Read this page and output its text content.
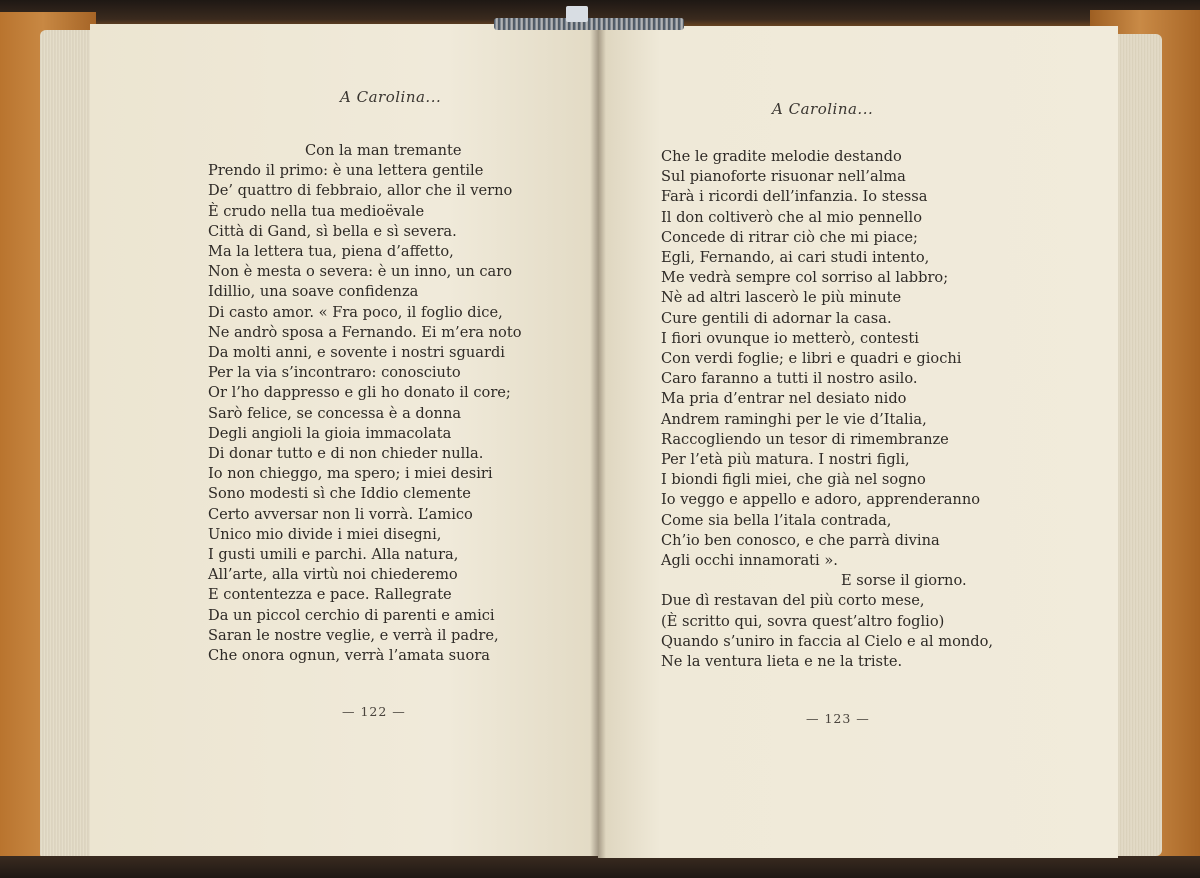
A Carolina...
Con la man tremante
Prendo il primo: è una lettera gentile
De’ quattro di febbraio, allor che il verno
È crudo nella tua medioëvale
Città di Gand, sì bella e sì severa.
Ma la lettera tua, piena d’affetto,
Non è mesta o severa: è un inno, un caro
Idillio, una soave confidenza
Di casto amor. « Fra poco, il foglio dice,
Ne andrò sposa a Fernando. Ei m’era noto
Da molti anni, e sovente i nostri sguardi
Per la via s’incontraro: conosciuto
Or l’ho dappresso e gli ho donato il core;
Sarò felice, se concessa è a donna
Degli angioli la gioia immacolata
Di donar tutto e di non chieder nulla.
Io non chieggo, ma spero; i miei desiri
Sono modesti sì che Iddio clemente
Certo avversar non li vorrà. L’amico
Unico mio divide i miei disegni,
I gusti umili e parchi. Alla natura,
All’arte, alla virtù noi chiederemo
E contentezza e pace. Rallegrate
Da un piccol cerchio di parenti e amici
Saran le nostre veglie, e verrà il padre,
Che onora ognun, verrà l’amata suora
— 122 —
A Carolina...
Che le gradite melodie destando
Sul pianoforte risuonar nell’alma
Farà i ricordi dell’infanzia. Io stessa
Il don coltiverò che al mio pennello
Concede di ritrar ciò che mi piace;
Egli, Fernando, ai cari studi intento,
Me vedrà sempre col sorriso al labbro;
Nè ad altri lascerò le più minute
Cure gentili di adornar la casa.
I fiori ovunque io metterò, contesti
Con verdi foglie; e libri e quadri e giochi
Caro faranno a tutti il nostro asilo.
Ma pria d’entrar nel desiato nido
Andrem raminghi per le vie d’Italia,
Raccogliendo un tesor di rimembranze
Per l’età più matura. I nostri figli,
I biondi figli miei, che già nel sogno
Io veggo e appello e adoro, apprenderanno
Come sia bella l’itala contrada,
Ch’io ben conosco, e che parrà divina
Agli occhi innamorati ».
E sorse il giorno.
Due dì restavan del più corto mese,
(È scritto qui, sovra quest’altro foglio)
Quando s’uniro in faccia al Cielo e al mondo,
Ne la ventura lieta e ne la triste.
— 123 —
